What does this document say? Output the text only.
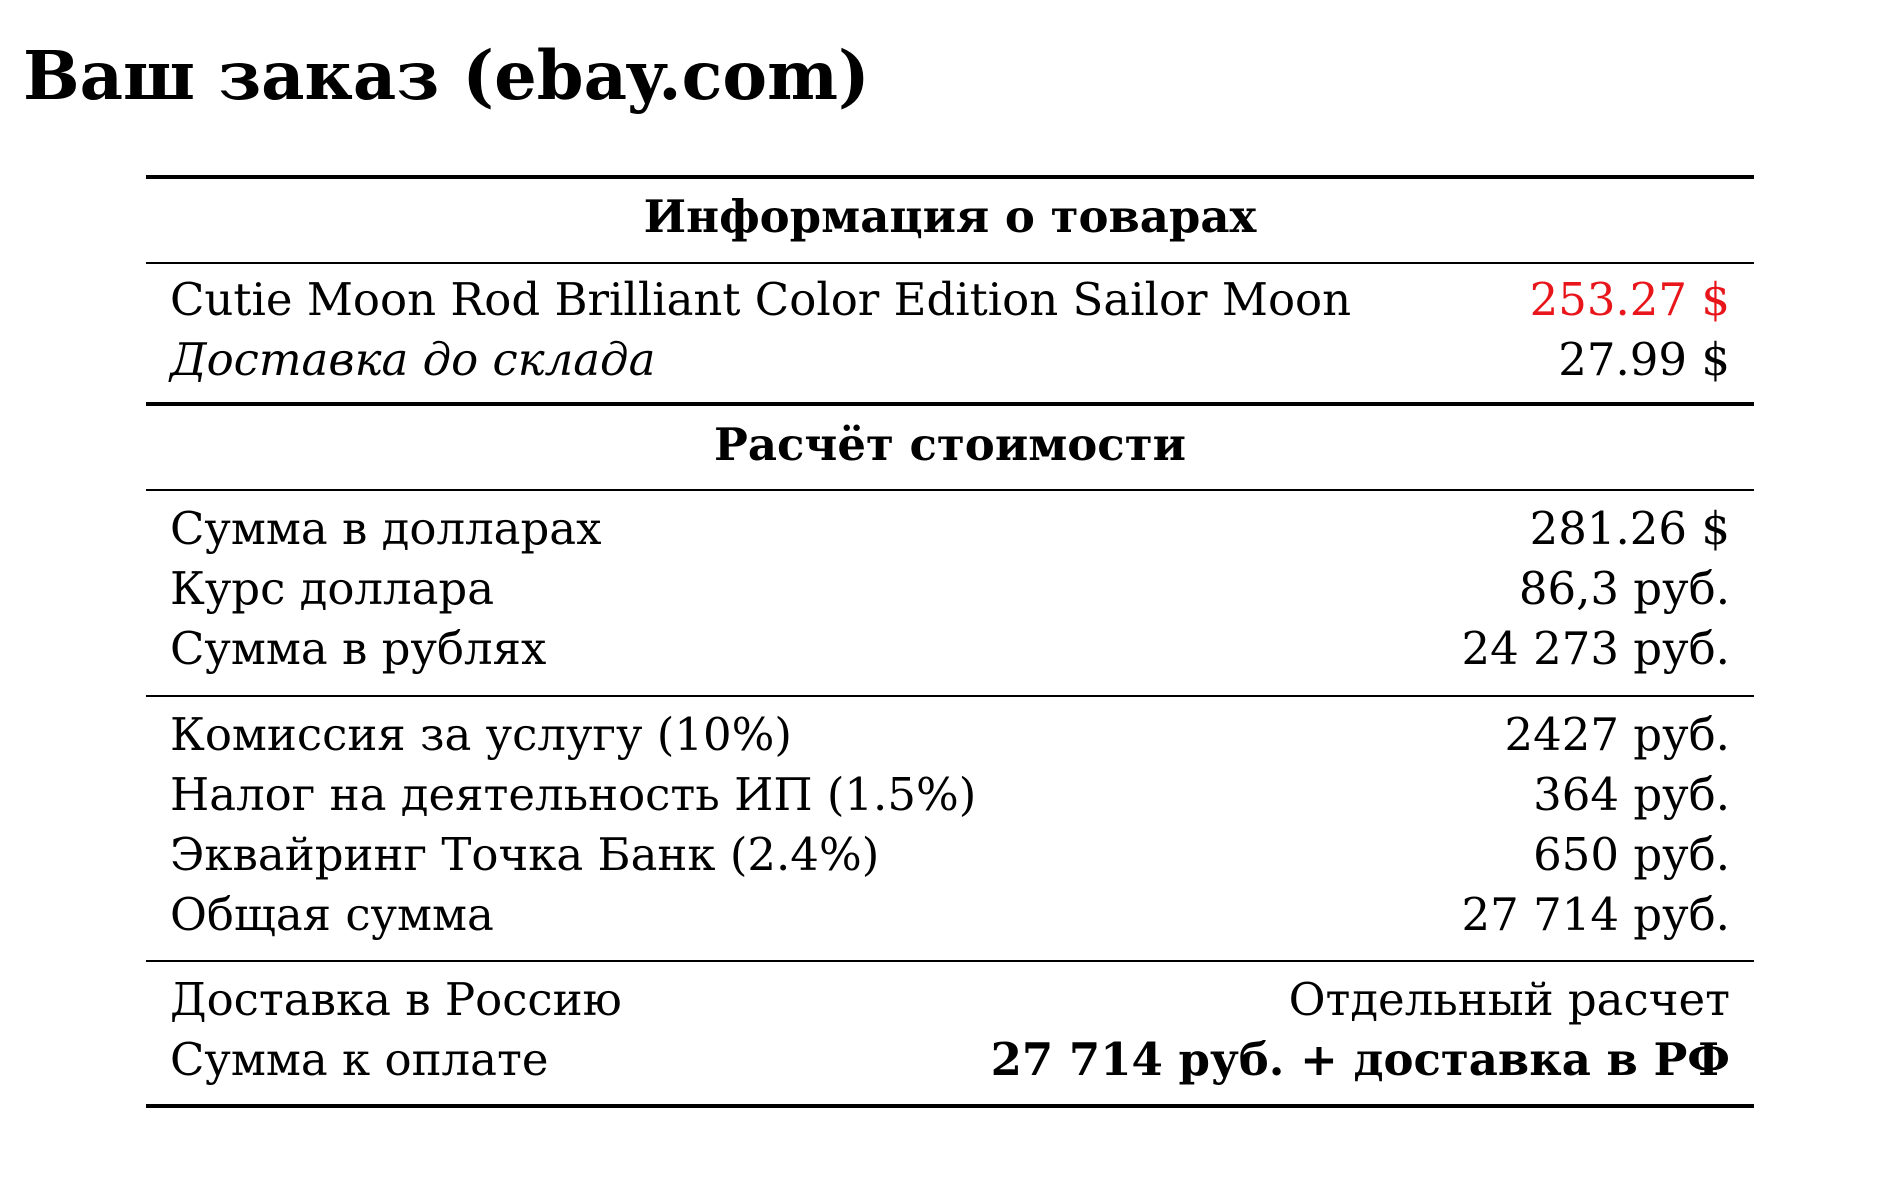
Ваш заказ (ebay.com)
Информация о товарах
Cutie Moon Rod Brilliant Color Edition Sailor Moon	253.27 $
Доставка до склада	27.99 $
Расчёт стоимости
Сумма в долларах	281.26 $
Курс доллара	86,3 руб.
Сумма в рублях	24 273 руб.
Комиссия за услугу (10%)	2427 руб.
Налог на деятельность ИП (1.5%)	364 руб.
Эквайринг Точка Банк (2.4%)	650 руб.
Общая сумма	27 714 руб.
Доставка в Россию	Отдельный расчет
Сумма к оплате	27 714 руб. + доставка в РФ
